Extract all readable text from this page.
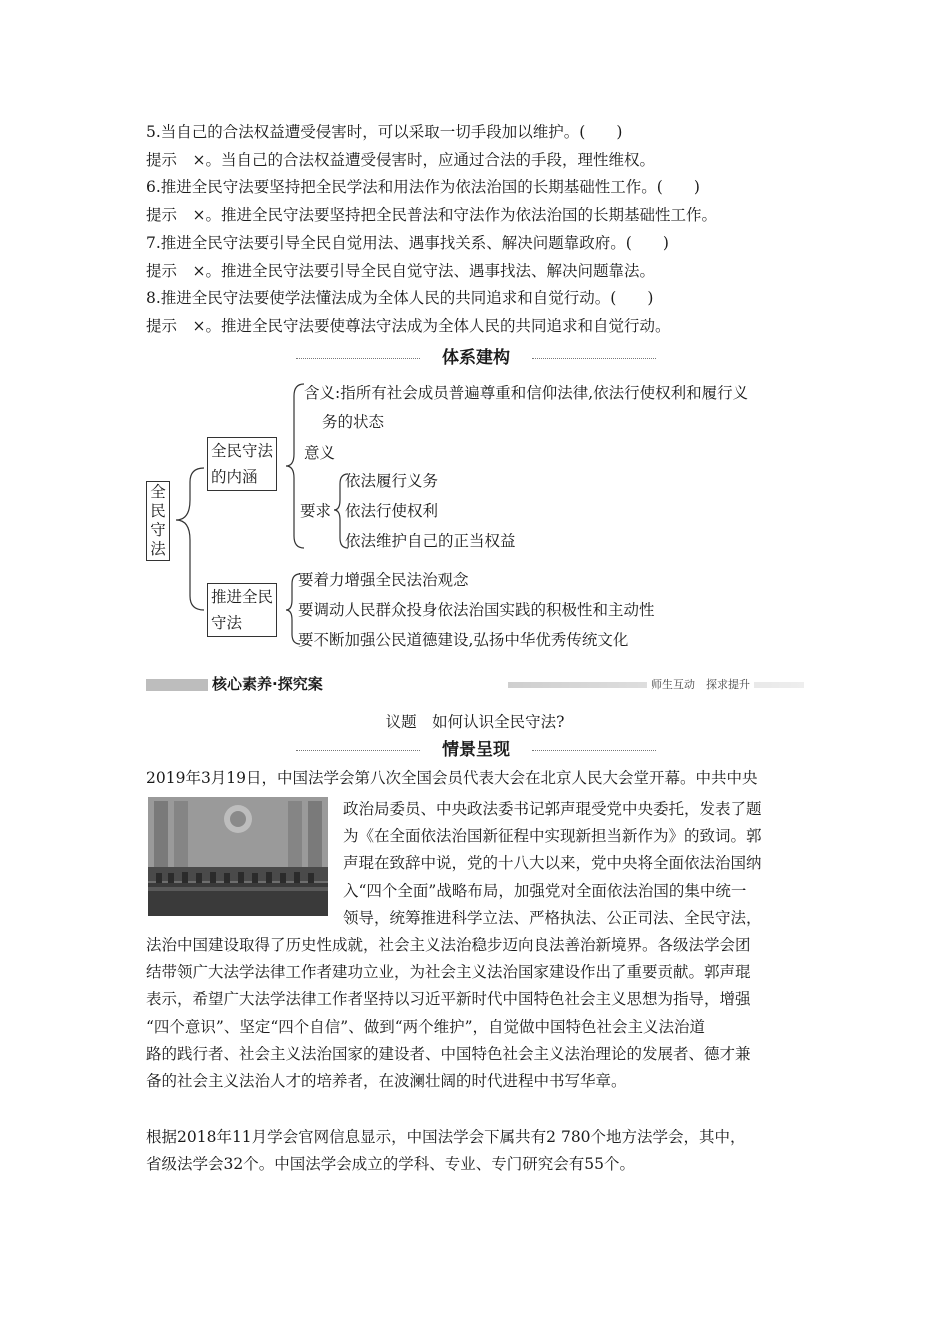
5.当自己的合法权益遭受侵害时，可以采取一切手段加以维护。(　　)
提示　×。当自己的合法权益遭受侵害时，应通过合法的手段，理性维权。
6.推进全民守法要坚持把全民学法和用法作为依法治国的长期基础性工作。(　　)
提示　×。推进全民守法要坚持把全民普法和守法作为依法治国的长期基础性工作。
7.推进全民守法要引导全民自觉用法、遇事找关系、解决问题靠政府。(　　)
提示　×。推进全民守法要引导全民自觉守法、遇事找法、解决问题靠法。
8.推进全民守法要使学法懂法成为全体人民的共同追求和自觉行动。(　　)
提示　×。推进全民守法要使尊法守法成为全体人民的共同追求和自觉行动。
体系建构
全民守法
全民守法
的内涵
推进全民
守法
含义:指所有社会成员普遍尊重和信仰法律,依法行使权利和履行义
务的状态
意义
要求
依法履行义务
依法行使权利
依法维护自己的正当权益
要着力增强全民法治观念
要调动人民群众投身依法治国实践的积极性和主动性
要不断加强公民道德建设,弘扬中华优秀传统文化
核心素养·探究案	师生互动　探求提升
议题　如何认识全民守法?
情景呈现
2019年3月19日，中国法学会第八次全国会员代表大会在北京人民大会堂开幕。中共中央
政治局委员、中央政法委书记郭声琨受党中央委托，发表了题
为《在全面依法治国新征程中实现新担当新作为》的致词。郭
声琨在致辞中说，党的十八大以来，党中央将全面依法治国纳
入“四个全面”战略布局，加强党对全面依法治国的集中统一
领导，统筹推进科学立法、严格执法、公正司法、全民守法，
法治中国建设取得了历史性成就，社会主义法治稳步迈向良法善治新境界。各级法学会团
结带领广大法学法律工作者建功立业，为社会主义法治国家建设作出了重要贡献。郭声琨
表示，希望广大法学法律工作者坚持以习近平新时代中国特色社会主义思想为指导，增强
“四个意识”、坚定“四个自信”、做到“两个维护”，自觉做中国特色社会主义法治道
路的践行者、社会主义法治国家的建设者、中国特色社会主义法治理论的发展者、德才兼
备的社会主义法治人才的培养者，在波澜壮阔的时代进程中书写华章。
根据2018年11月学会官网信息显示，中国法学会下属共有2 780个地方法学会，其中，
省级法学会32个。中国法学会成立的学科、专业、专门研究会有55个。
